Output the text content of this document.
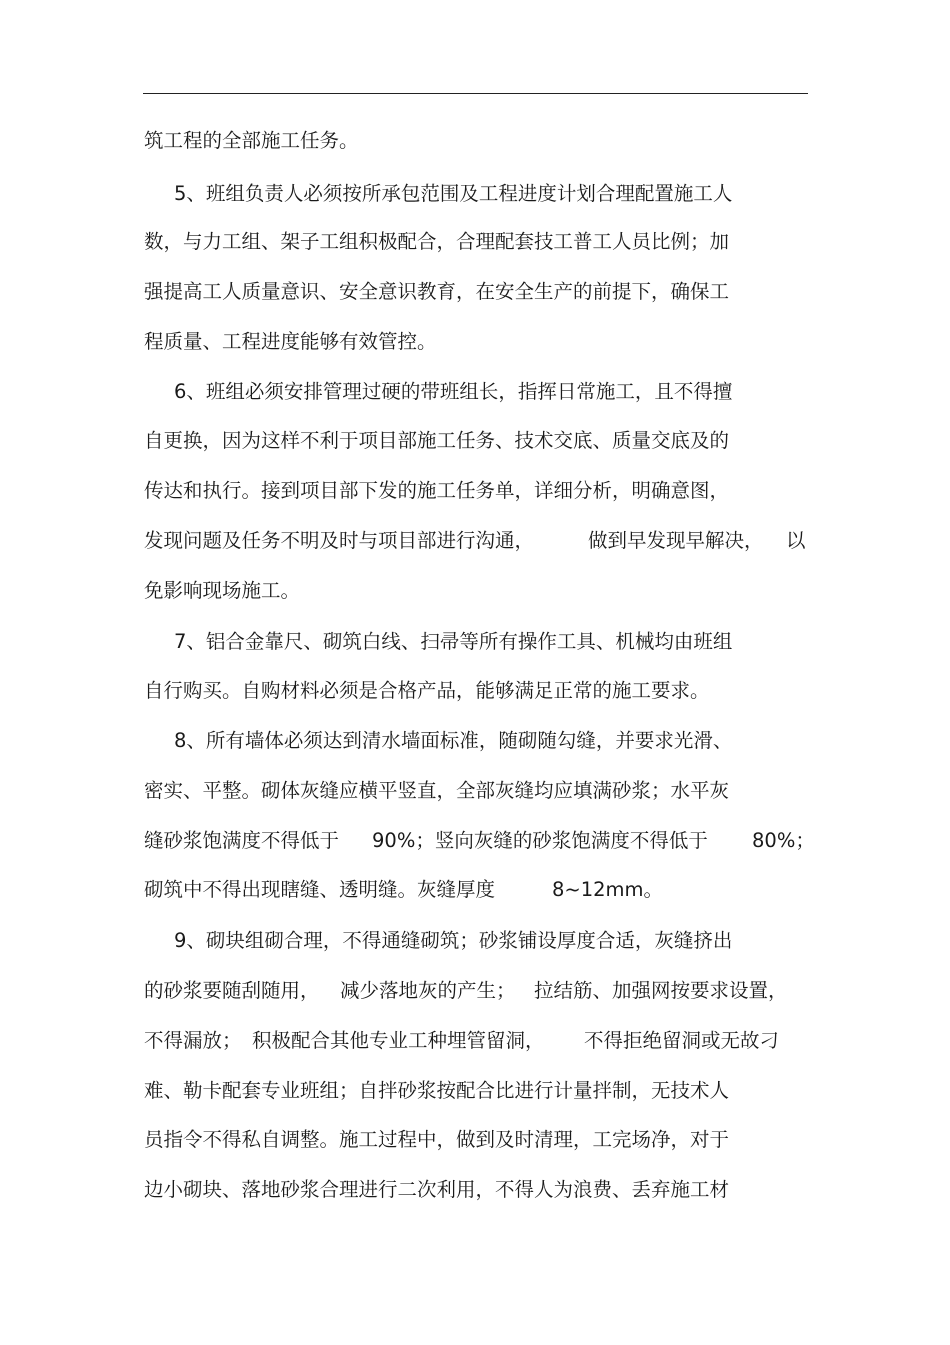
筑工程的全部施工任务。
5、班组负责人必须按所承包范围及工程进度计划合理配置施工人
数，与力工组、架子工组积极配合，合理配套技工普工人员比例；加
强提高工人质量意识、安全意识教育，在安全生产的前提下，确保工
程质量、工程进度能够有效管控。
6、班组必须安排管理过硬的带班组长，指挥日常施工，且不得擅
自更换，因为这样不利于项目部施工任务、技术交底、质量交底及的
传达和执行。接到项目部下发的施工任务单，详细分析，明确意图，

发现问题及任务不明及时与项目部进行沟通，

	做到早发现早解决，

以

免影响现场施工。
7、铝合金靠尺、砌筑白线、扫帚等所有操作工具、机械均由班组
自行购买。自购材料必须是合格产品，能够满足正常的施工要求。
8、所有墙体必须达到清水墙面标准，随砌随勾缝，并要求光滑、
密实、平整。砌体灰缝应横平竖直，全部灰缝均应填满砂浆；水平灰

缝砂浆饱满度不得低于

90%；竖向灰缝的砂浆饱满度不得低于

80%；

砌筑中不得出现瞎缝、透明缝。灰缝厚度

	8~12mm。

9、砌块组砌合理，不得通缝砌筑；砂浆铺设厚度合适，灰缝挤出

的砂浆要随刮随用，

减少落地灰的产生；

拉结筋、加强网按要求设置，

不得漏放；

积极配合其他专业工种埋管留洞，

不得拒绝留洞或无故刁

难、勒卡配套专业班组；自拌砂浆按配合比进行计量拌制，无技术人
员指令不得私自调整。施工过程中，做到及时清理，工完场净，对于
边小砌块、落地砂浆合理进行二次利用，不得人为浪费、丢弃施工材
